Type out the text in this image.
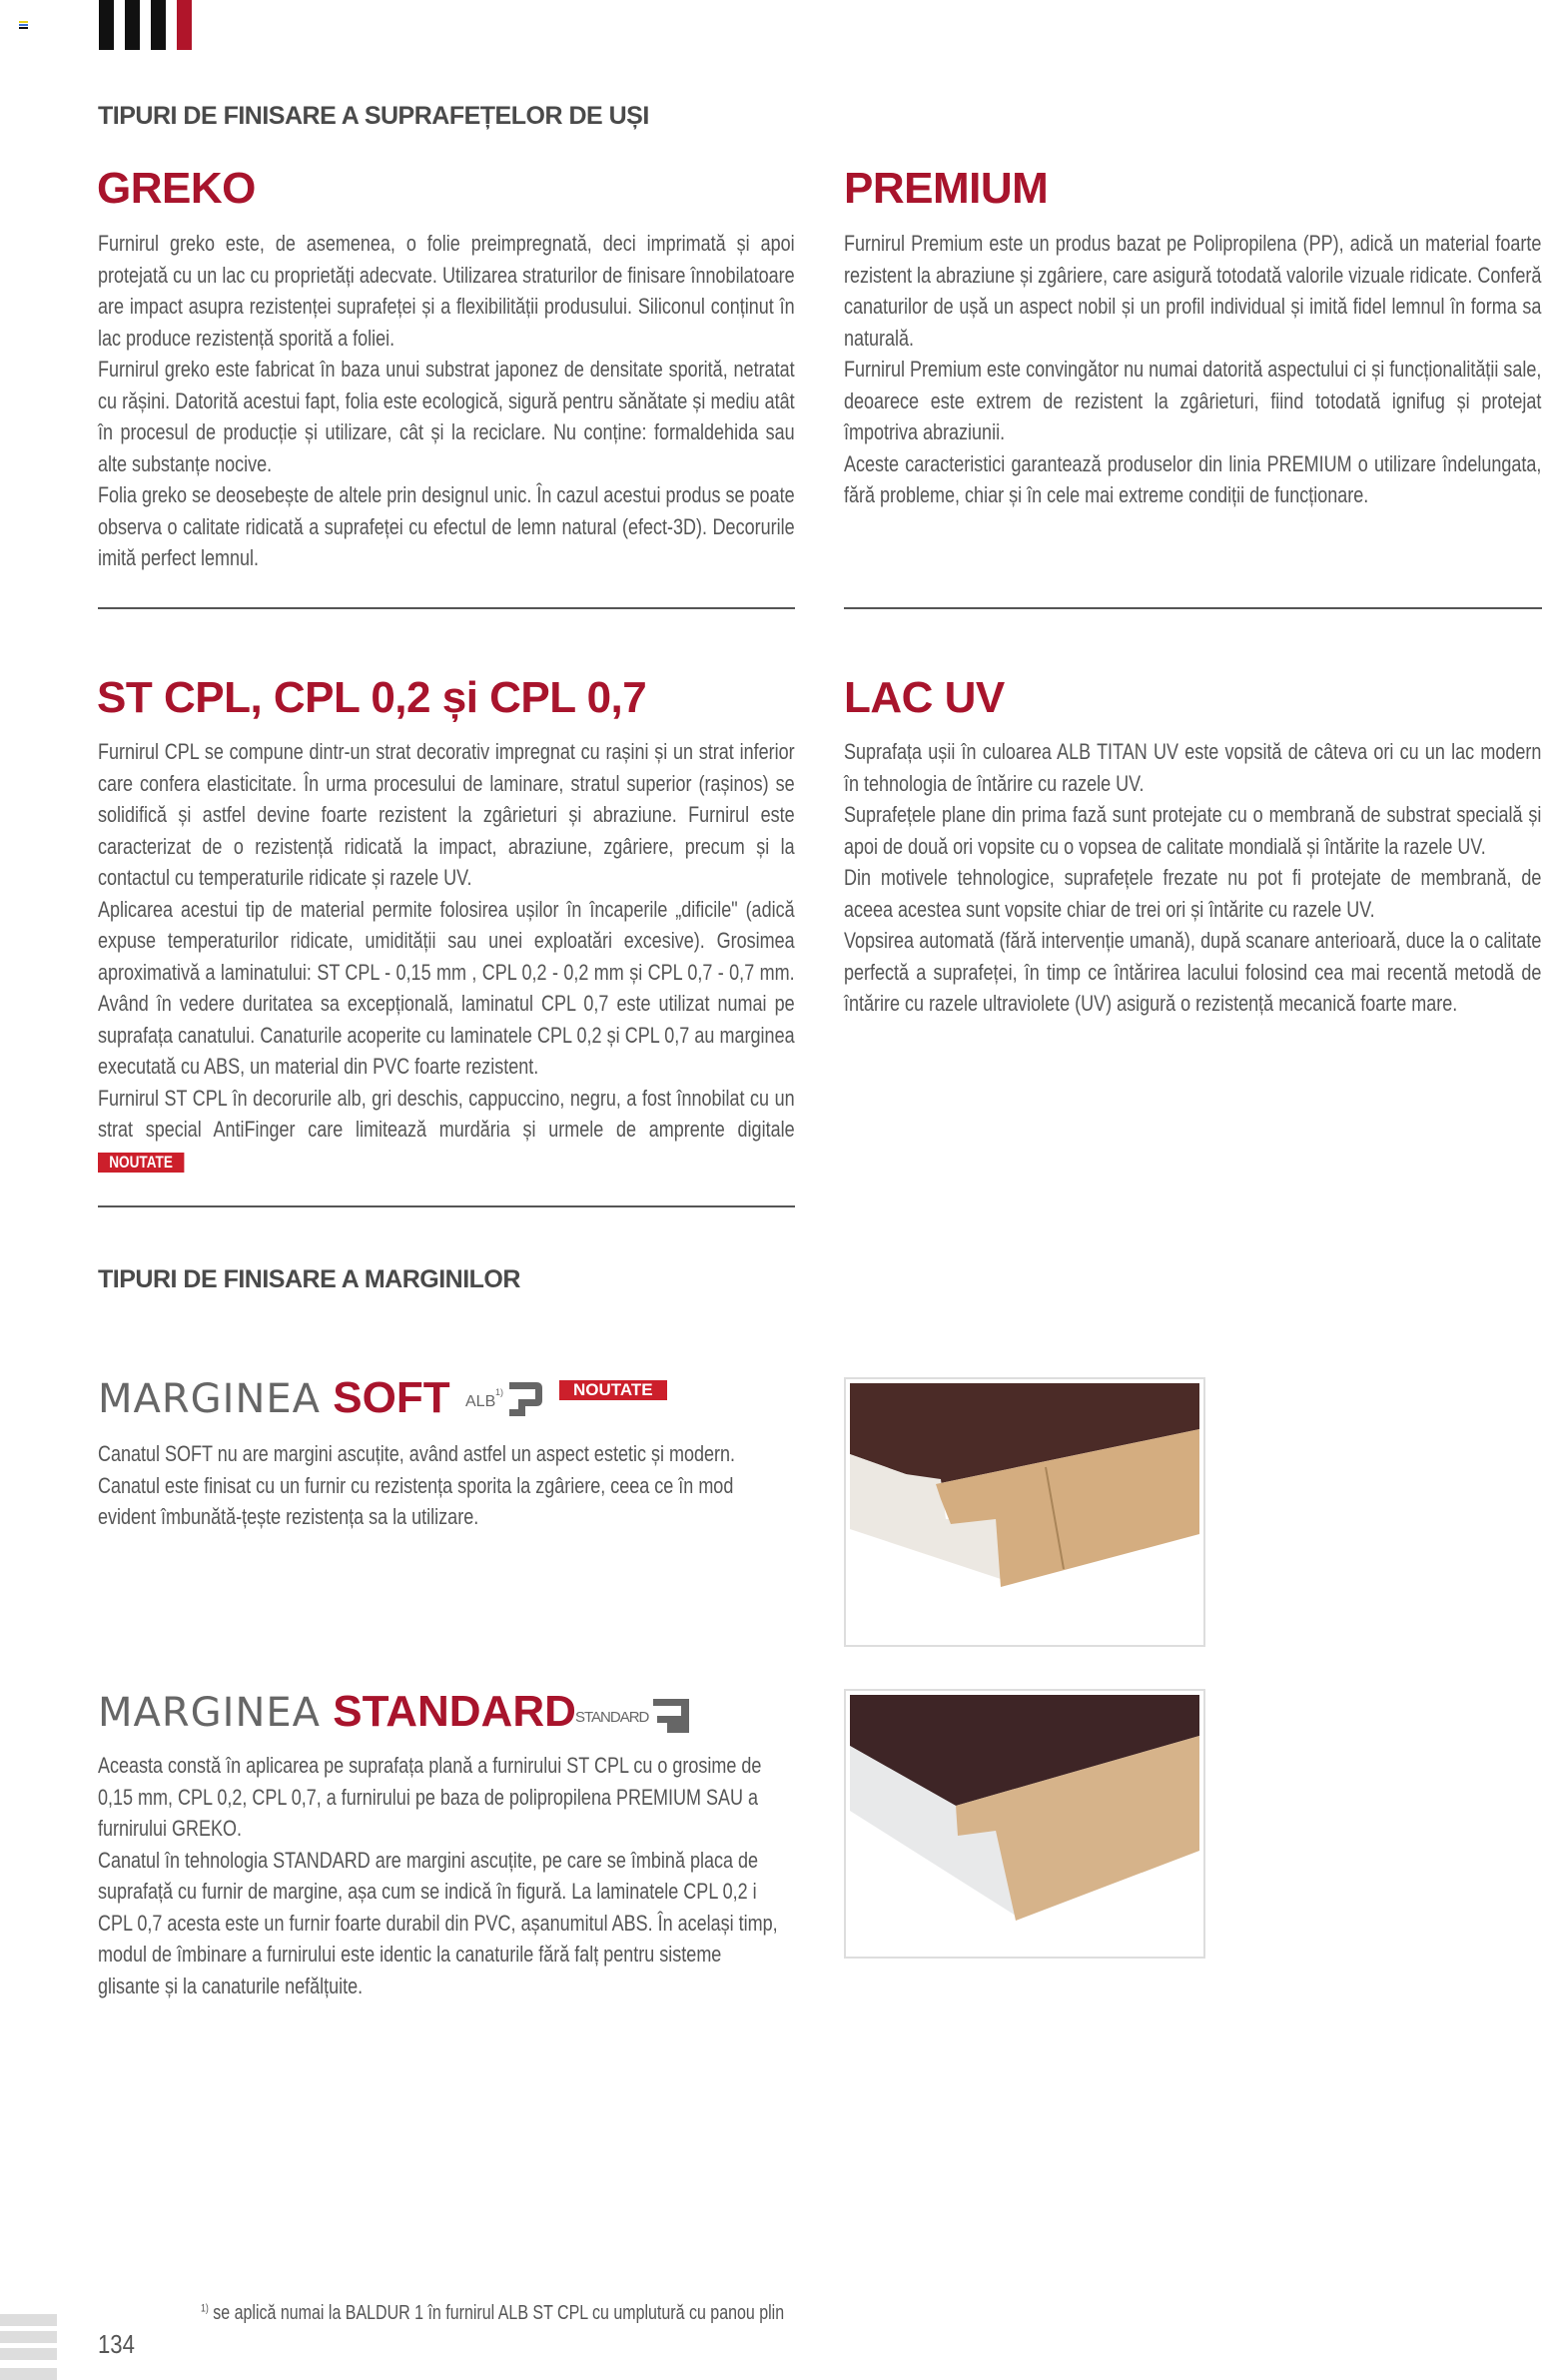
TIPURI DE FINISARE A SUPRAFEȚELOR DE UȘI
GREKO

Furnirul greko este, de asemenea, o folie preimpregnată, deci imprimată și apoi protejată cu un lac cu proprietăți adecvate. Utilizarea straturilor de finisare înnobilatoare are impact asupra rezistenței suprafeței și a flexibilității produsului. Siliconul conținut în lac produce rezistență sporită a foliei.

Furnirul greko este fabricat în baza unui substrat japonez de densitate sporită, netratat cu rășini. Datorită acestui fapt, folia este ecologică, sigură pentru sănătate și mediu atât în procesul de producție și utilizare, cât și la reciclare. Nu conține: formaldehida sau alte substanțe nocive.

Folia greko se deosebește de altele prin designul unic. În cazul acestui produs se poate observa o calitate ridicată a suprafeței cu efectul de lemn natural (efect-3D). Decorurile imită perfect lemnul.

PREMIUM

Furnirul Premium este un produs bazat pe Polipropilena (PP), adică un material foarte rezistent la abraziune și zgâriere, care asigură totodată valorile vizuale ridicate. Conferă canaturilor de ușă un aspect nobil și un profil individual și imită fidel lemnul în forma sa naturală.

Furnirul Premium este convingător nu numai datorită aspectului ci și funcționalității sale, deoarece este extrem de rezistent la zgârieturi, fiind totodată ignifug și protejat împotriva abraziunii.

Aceste caracteristici garantează produselor din linia PREMIUM o utilizare îndelungata, fără probleme, chiar și în cele mai extreme condiții de funcționare.

ST CPL, CPL 0,2 și CPL 0,7

Furnirul CPL se compune dintr-un strat decorativ impregnat cu rașini și un strat inferior care confera elasticitate. În urma procesului de laminare, stratul superior (rașinos) se solidifică și astfel devine foarte rezistent la zgârieturi și abraziune. Furnirul este caracterizat de o rezistență ridicată la impact, abraziune, zgâriere, precum și la contactul cu temperaturile ridicate și razele UV.

Aplicarea acestui tip de material permite folosirea ușilor în încaperile „dificile" (adică expuse temperaturilor ridicate, umidității sau unei exploatări excesive). Grosimea aproximativă a laminatului: ST CPL - 0,15 mm , CPL 0,2 - 0,2 mm și CPL 0,7 - 0,7 mm. Având în vedere duritatea sa excepțională, laminatul CPL 0,7 este utilizat numai pe suprafața canatului. Canaturile acoperite cu laminatele CPL 0,2 și CPL 0,7 au marginea executată cu ABS, un material din PVC foarte rezistent.

Furnirul ST CPL în decorurile alb, gri deschis, cappuccino, negru, a fost înnobilat cu un strat special AntiFinger care limitează murdăria și urmele de amprente digitale NOUTATE

LAC UV

Suprafața ușii în culoarea ALB TITAN UV este vopsită de câteva ori cu un lac modern în tehnologia de întărire cu razele UV.

Suprafețele plane din prima fază sunt protejate cu o membrană de substrat specială și apoi de două ori vopsite cu o vopsea de calitate mondială și întărite la razele UV.

Din motivele tehnologice, suprafețele frezate nu pot fi protejate de membrană, de aceea acestea sunt vopsite chiar de trei ori și întărite cu razele UV.

Vopsirea automată (fără intervenție umană), după scanare anterioară, duce la o calitate perfectă a suprafeței, în timp ce întărirea lacului folosind cea mai recentă metodă de întărire cu razele ultraviolete (UV) asigură o rezistență mecanică foarte mare.

TIPURI DE FINISARE A MARGINILOR
MARGINEA SOFT ALB
1)	NOUTATE

Canatul SOFT nu are margini ascuțite, având astfel un aspect estetic și modern. Canatul este finisat cu un furnir cu rezistența sporita la zgâriere, ceea ce în mod evident îmbunătă-țește rezistența sa la utilizare.

MARGINEA STANDARD STANDARD

Aceasta constă în aplicarea pe suprafața plană a furnirului ST CPL cu o grosime de 0,15 mm, CPL 0,2, CPL 0,7, a furnirului pe baza de polipropilena PREMIUM SAU a furnirului GREKO.

Canatul în tehnologia STANDARD are margini ascuțite, pe care se îmbină placa de suprafață cu furnir de margine, așa cum se indică în figură. La laminatele CPL 0,2 i CPL 0,7 acesta este un furnir foarte durabil din PVC, așanumitul ABS. În același timp, modul de îmbinare a furnirului este identic la canaturile fără falț pentru sisteme glisante și la canaturile nefălțuite.

$^{1)}$ se aplică numai la BALDUR 1 în furnirul ALB ST CPL cu umplutură cu panou plin
134
